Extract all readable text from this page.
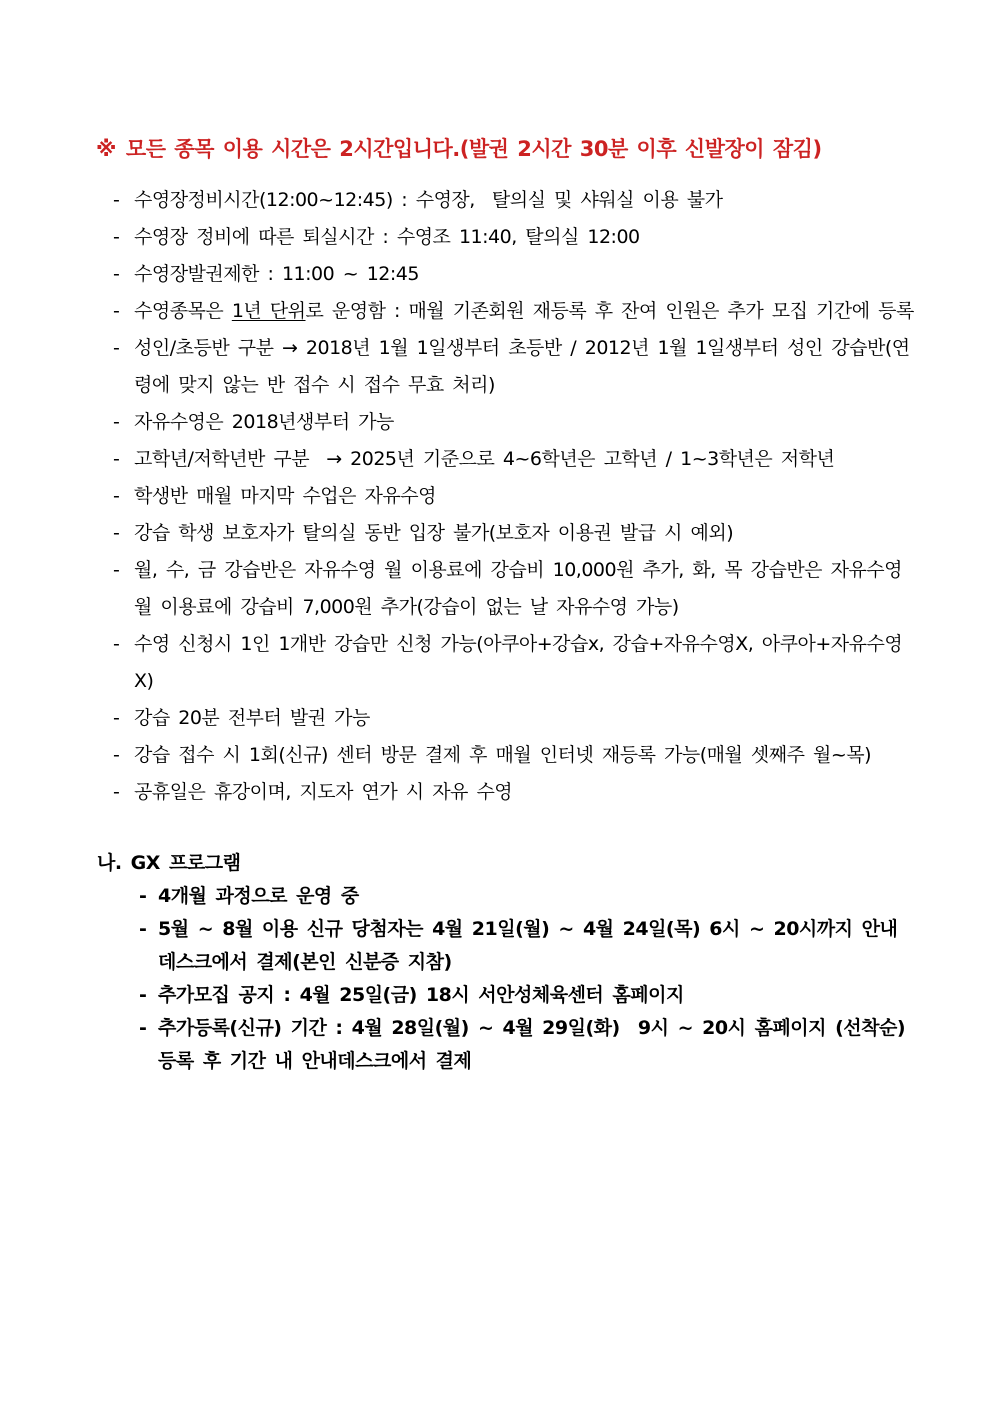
※ 모든 종목 이용 시간은 2시간입니다.(발권 2시간 30분 이후 신발장이 잠김)
- 수영장정비시간(12:00~12:45) : 수영장,  탈의실 및 샤워실 이용 불가
- 수영장 정비에 따른 퇴실시간 : 수영조 11:40, 탈의실 12:00
- 수영장발권제한 : 11:00 ~ 12:45
- 수영종목은 1년 단위로 운영함 : 매월 기존회원 재등록 후 잔여 인원은 추가 모집 기간에 등록
- 성인/초등반 구분 → 2018년 1월 1일생부터 초등반 / 2012년 1월 1일생부터 성인 강습반(연령에 맞지 않는 반 접수 시 접수 무효 처리)
- 자유수영은 2018년생부터 가능
- 고학년/저학년반 구분  → 2025년 기준으로 4~6학년은 고학년 / 1~3학년은 저학년
- 학생반 매월 마지막 수업은 자유수영
- 강습 학생 보호자가 탈의실 동반 입장 불가(보호자 이용권 발급 시 예외)
- 월, 수, 금 강습반은 자유수영 월 이용료에 강습비 10,000원 추가, 화, 목 강습반은 자유수영 월 이용료에 강습비 7,000원 추가(강습이 없는 날 자유수영 가능)
- 수영 신청시 1인 1개반 강습만 신청 가능(아쿠아+강습x, 강습+자유수영X, 아쿠아+자유수영X)
- 강습 20분 전부터 발권 가능
- 강습 접수 시 1회(신규) 센터 방문 결제 후 매월 인터넷 재등록 가능(매월 셋째주 월~목)
- 공휴일은 휴강이며, 지도자 연가 시 자유 수영
나. GX 프로그램
- 4개월 과정으로 운영 중
- 5월 ~ 8월 이용 신규 당첨자는 4월 21일(월) ~ 4월 24일(목) 6시 ~ 20시까지 안내데스크에서 결제(본인 신분증 지참)
- 추가모집 공지 : 4월 25일(금) 18시 서안성체육센터 홈페이지
- 추가등록(신규) 기간 : 4월 28일(월) ~ 4월 29일(화)  9시 ~ 20시 홈페이지 (선착순) 등록 후 기간 내 안내데스크에서 결제
